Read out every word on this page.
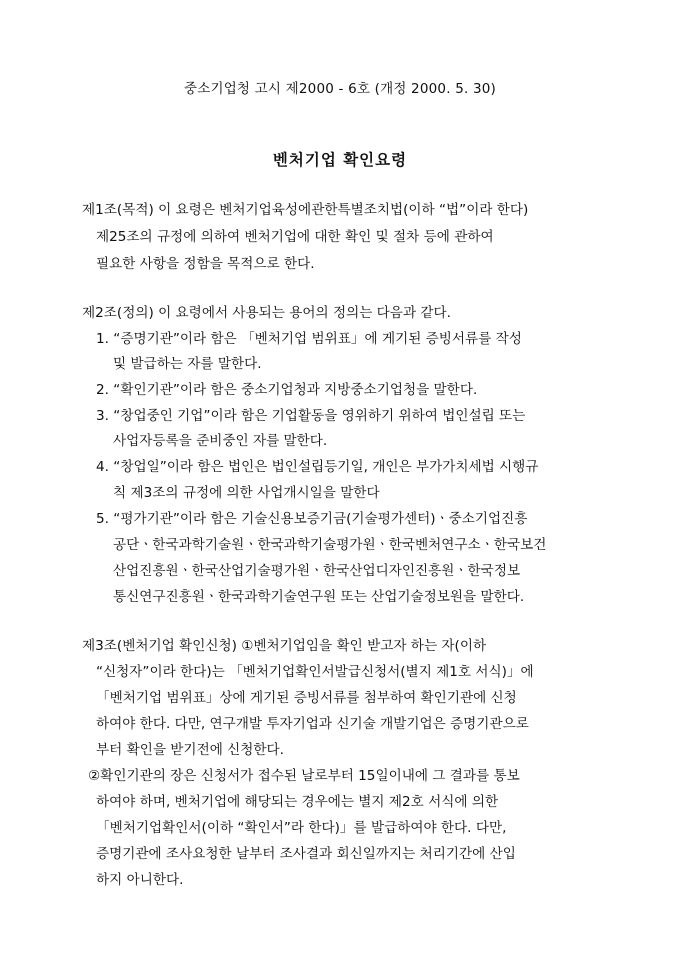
중소기업청 고시 제2000 - 6호 (개정 2000. 5. 30)
벤처기업 확인요령
제1조(목적) 이 요령은 벤처기업육성에관한특별조치법(이하 “법”이라 한다)
제25조의 규정에 의하여 벤처기업에 대한 확인 및 절차 등에 관하여
필요한 사항을 정함을 목적으로 한다.
제2조(정의) 이 요령에서 사용되는 용어의 정의는 다음과 같다.
1. “증명기관”이라 함은 「벤처기업 범위표」에 게기된 증빙서류를 작성
및 발급하는 자를 말한다.
2. “확인기관”이라 함은 중소기업청과 지방중소기업청을 말한다.
3. “창업중인 기업”이라 함은 기업활동을 영위하기 위하여 법인설립 또는
사업자등록을 준비중인 자를 말한다.
4. “창업일”이라 함은 법인은 법인설립등기일, 개인은 부가가치세법 시행규
칙 제3조의 규정에 의한 사업개시일을 말한다
5. “평가기관”이라 함은 기술신용보증기금(기술평가센터)ㆍ중소기업진흥
공단ㆍ한국과학기술원ㆍ한국과학기술평가원ㆍ한국벤처연구소ㆍ한국보건
산업진흥원ㆍ한국산업기술평가원ㆍ한국산업디자인진흥원ㆍ한국정보
통신연구진흥원ㆍ한국과학기술연구원 또는 산업기술정보원을 말한다.
제3조(벤처기업 확인신청) ①벤처기업임을 확인 받고자 하는 자(이하
“신청자”이라 한다)는 「벤처기업확인서발급신청서(별지 제1호 서식)」에
「벤처기업 범위표」상에 게기된 증빙서류를 첨부하여 확인기관에 신청
하여야 한다. 다만, 연구개발 투자기업과 신기술 개발기업은 증명기관으로
부터 확인을 받기전에 신청한다.
②확인기관의 장은 신청서가 접수된 날로부터 15일이내에 그 결과를 통보
하여야 하며, 벤처기업에 해당되는 경우에는 별지 제2호 서식에 의한
「벤처기업확인서(이하 “확인서”라 한다)」를 발급하여야 한다. 다만,
증명기관에 조사요청한 날부터 조사결과 회신일까지는 처리기간에 산입
하지 아니한다.
